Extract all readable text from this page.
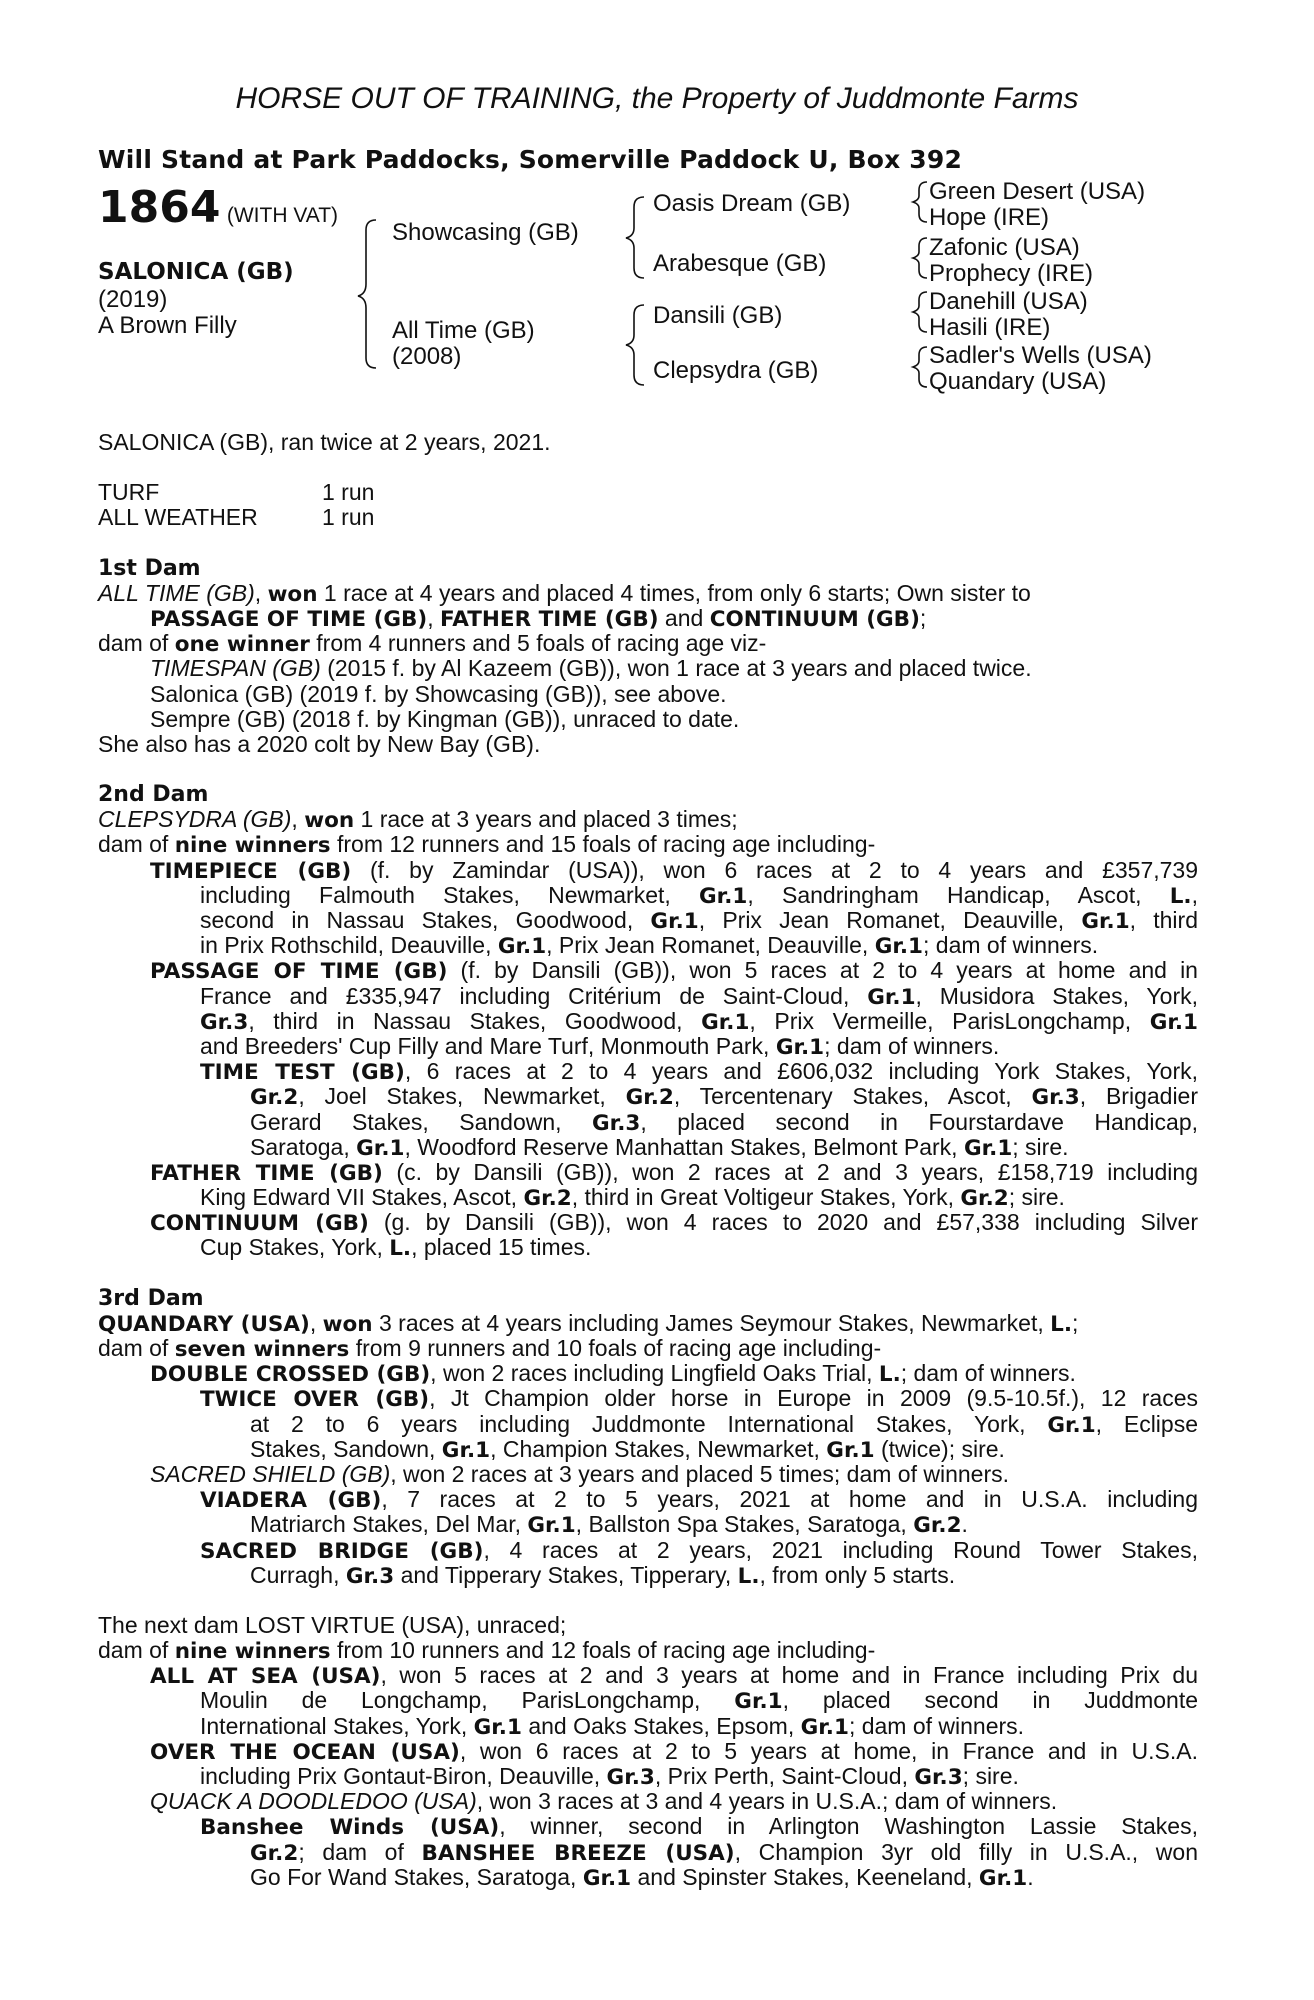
HORSE OUT OF TRAINING, the Property of Juddmonte Farms
Will Stand at Park Paddocks, Somerville Paddock U, Box 392
1864 (WITH VAT)
SALONICA (GB)
(2019)
A Brown Filly
Showcasing (GB)
All Time (GB)
(2008)
Oasis Dream (GB)
Arabesque (GB)
Dansili (GB)
Clepsydra (GB)
Green Desert (USA)
Hope (IRE)
Zafonic (USA)
Prophecy (IRE)
Danehill (USA)
Hasili (IRE)
Sadler's Wells (USA)
Quandary (USA)
SALONICA (GB), ran twice at 2 years, 2021.
TURF	1 run
ALL WEATHER	1 run
1st Dam
ALL TIME (GB), won 1 race at 4 years and placed 4 times, from only 6 starts; Own sister to
PASSAGE OF TIME (GB), FATHER TIME (GB) and CONTINUUM (GB);
dam of one winner from 4 runners and 5 foals of racing age viz-
TIMESPAN (GB) (2015 f. by Al Kazeem (GB)), won 1 race at 3 years and placed twice.
Salonica (GB) (2019 f. by Showcasing (GB)), see above.
Sempre (GB) (2018 f. by Kingman (GB)), unraced to date.
She also has a 2020 colt by New Bay (GB).
2nd Dam
CLEPSYDRA (GB), won 1 race at 3 years and placed 3 times;
dam of nine winners from 12 runners and 15 foals of racing age including-
TIMEPIECE (GB) (f. by Zamindar (USA)), won 6 races at 2 to 4 years and £357,739
including Falmouth Stakes, Newmarket, Gr.1, Sandringham Handicap, Ascot, L.,
second in Nassau Stakes, Goodwood, Gr.1, Prix Jean Romanet, Deauville, Gr.1, third
in Prix Rothschild, Deauville, Gr.1, Prix Jean Romanet, Deauville, Gr.1; dam of winners.
PASSAGE OF TIME (GB) (f. by Dansili (GB)), won 5 races at 2 to 4 years at home and in
France and £335,947 including Critérium de Saint-Cloud, Gr.1, Musidora Stakes, York,
Gr.3, third in Nassau Stakes, Goodwood, Gr.1, Prix Vermeille, ParisLongchamp, Gr.1
and Breeders' Cup Filly and Mare Turf, Monmouth Park, Gr.1; dam of winners.
TIME TEST (GB), 6 races at 2 to 4 years and £606,032 including York Stakes, York,
Gr.2, Joel Stakes, Newmarket, Gr.2, Tercentenary Stakes, Ascot, Gr.3, Brigadier
Gerard Stakes, Sandown, Gr.3, placed second in Fourstardave Handicap,
Saratoga, Gr.1, Woodford Reserve Manhattan Stakes, Belmont Park, Gr.1; sire.
FATHER TIME (GB) (c. by Dansili (GB)), won 2 races at 2 and 3 years, £158,719 including
King Edward VII Stakes, Ascot, Gr.2, third in Great Voltigeur Stakes, York, Gr.2; sire.
CONTINUUM (GB) (g. by Dansili (GB)), won 4 races to 2020 and £57,338 including Silver
Cup Stakes, York, L., placed 15 times.
3rd Dam
QUANDARY (USA), won 3 races at 4 years including James Seymour Stakes, Newmarket, L.;
dam of seven winners from 9 runners and 10 foals of racing age including-
DOUBLE CROSSED (GB), won 2 races including Lingfield Oaks Trial, L.; dam of winners.
TWICE OVER (GB), Jt Champion older horse in Europe in 2009 (9.5-10.5f.), 12 races
at 2 to 6 years including Juddmonte International Stakes, York, Gr.1, Eclipse
Stakes, Sandown, Gr.1, Champion Stakes, Newmarket, Gr.1 (twice); sire.
SACRED SHIELD (GB), won 2 races at 3 years and placed 5 times; dam of winners.
VIADERA (GB), 7 races at 2 to 5 years, 2021 at home and in U.S.A. including
Matriarch Stakes, Del Mar, Gr.1, Ballston Spa Stakes, Saratoga, Gr.2.
SACRED BRIDGE (GB), 4 races at 2 years, 2021 including Round Tower Stakes,
Curragh, Gr.3 and Tipperary Stakes, Tipperary, L., from only 5 starts.
The next dam LOST VIRTUE (USA), unraced;
dam of nine winners from 10 runners and 12 foals of racing age including-
ALL AT SEA (USA), won 5 races at 2 and 3 years at home and in France including Prix du
Moulin de Longchamp, ParisLongchamp, Gr.1, placed second in Juddmonte
International Stakes, York, Gr.1 and Oaks Stakes, Epsom, Gr.1; dam of winners.
OVER THE OCEAN (USA), won 6 races at 2 to 5 years at home, in France and in U.S.A.
including Prix Gontaut-Biron, Deauville, Gr.3, Prix Perth, Saint-Cloud, Gr.3; sire.
QUACK A DOODLEDOO (USA), won 3 races at 3 and 4 years in U.S.A.; dam of winners.
Banshee Winds (USA), winner, second in Arlington Washington Lassie Stakes,
Gr.2; dam of BANSHEE BREEZE (USA), Champion 3yr old filly in U.S.A., won
Go For Wand Stakes, Saratoga, Gr.1 and Spinster Stakes, Keeneland, Gr.1.
